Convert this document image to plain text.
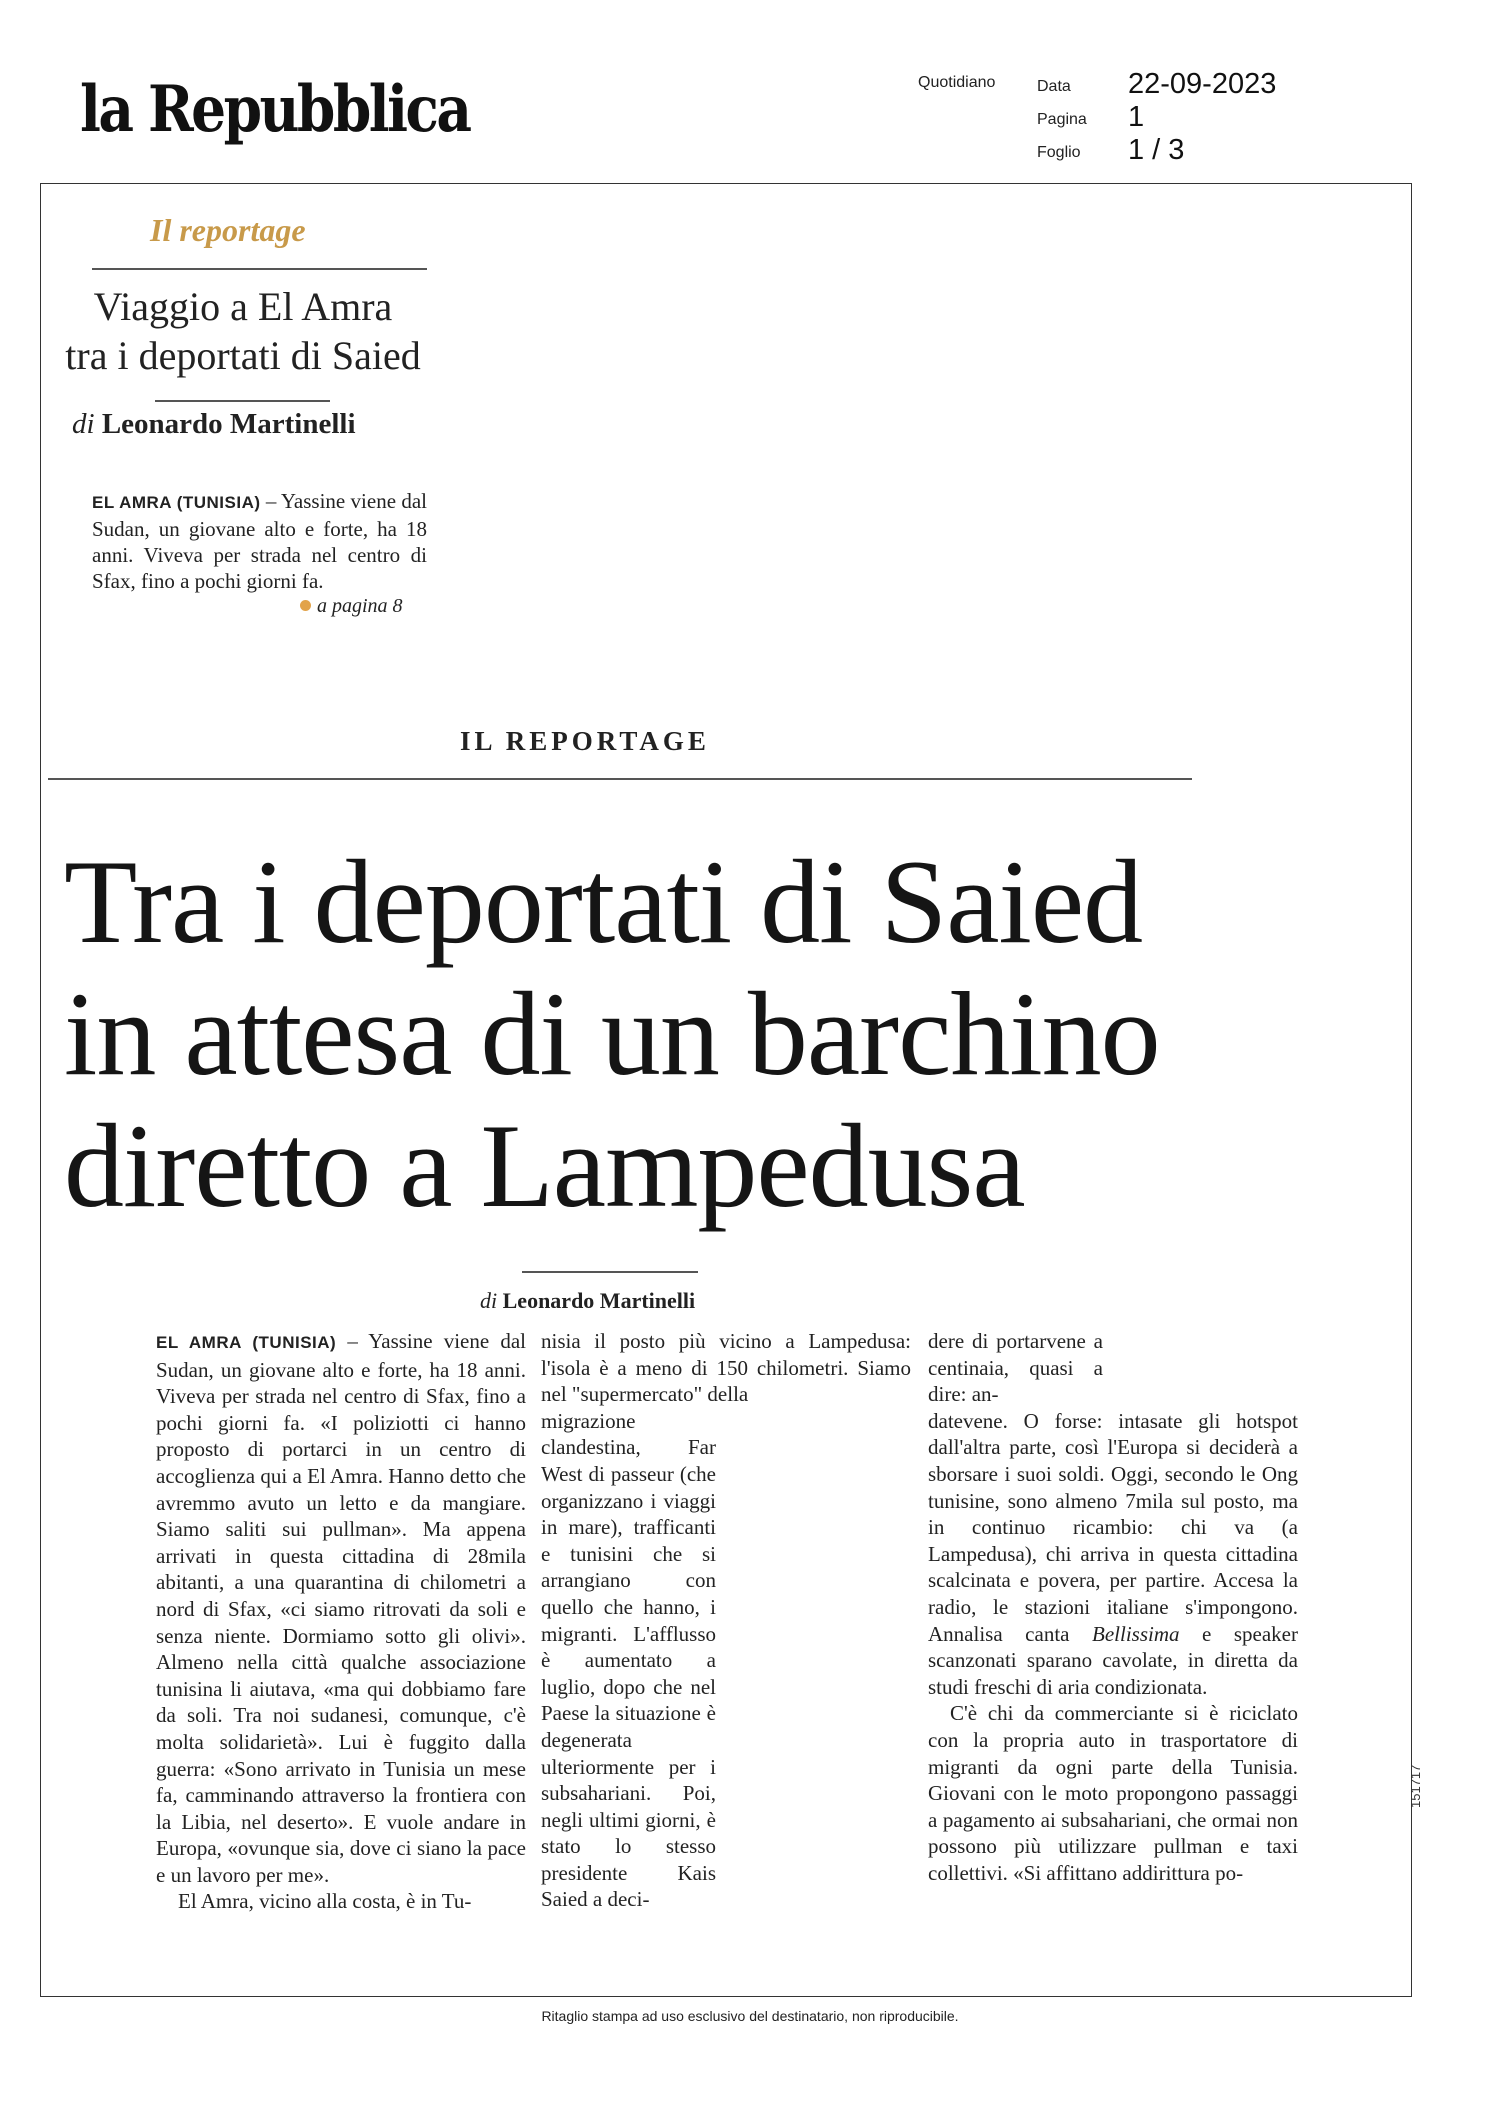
la Repubblica	Quotidiano	Data 22-09-2023
Pagina 1
Foglio 1 / 3
Il reportage
Viaggio a El Amra
tra i deportati di Saied
di Leonardo Martinelli
EL AMRA (TUNISIA) – Yassine viene dal Sudan, un giovane alto e forte, ha 18 anni. Viveva per strada nel centro di Sfax, fino a pochi giorni fa.
a pagina 8
IL REPORTAGE
Tra i deportati di Saied
in attesa di un barchino
diretto a Lampedusa
di Leonardo Martinelli

EL AMRA (TUNISIA) – Yassine viene dal Sudan, un giovane alto e forte, ha 18 anni. Viveva per strada nel centro di Sfax, fino a pochi giorni fa. «I poliziotti ci hanno proposto di portarci in un centro di accoglienza qui a El Amra. Hanno detto che avremmo avuto un letto e da mangiare. Siamo saliti sui pullman». Ma appena arrivati in questa cittadina di 28mila abitanti, a una quarantina di chilometri a nord di Sfax, «ci siamo ritrovati da soli e senza niente. Dormiamo sotto gli olivi». Almeno nella città qualche associazione tunisina li aiutava, «ma qui dobbiamo fare da soli. Tra noi sudanesi, comunque, c'è molta solidarietà». Lui è fuggito dalla guerra: «Sono arrivato in Tunisia un mese fa, camminando attraverso la frontiera con la Libia, nel deserto». E vuole andare in Europa, «ovunque sia, dove ci siano la pace e un lavoro per me».

El Amra, vicino alla costa, è in Tu-

nisia il posto più vicino a Lampedusa: l'isola è a meno di 150 chilometri. Siamo nel "supermercato" della

migrazione clandestina, Far West di passeur (che organizzano i viaggi in mare), trafficanti e tunisini che si arrangiano con quello che hanno, i migranti. L'afflusso è aumentato a luglio, dopo che nel Paese la situazione è degenerata ulteriormente per i subsahariani. Poi, negli ultimi giorni, è stato lo stesso presidente Kais Saied a deci-

dere di portarvene a centinaia, quasi a dire: an-

datevene. O forse: intasate gli hotspot dall'altra parte, così l'Europa si deciderà a sborsare i suoi soldi. Oggi, secondo le Ong tunisine, sono almeno 7mila sul posto, ma in continuo ricambio: chi va (a Lampedusa), chi arriva in questa cittadina scalcinata e povera, per partire. Accesa la radio, le stazioni italiane s'impongono. Annalisa canta Bellissima e speaker scanzonati sparano cavolate, in diretta da studi freschi di aria condizionata.

C'è chi da commerciante si è riciclato con la propria auto in trasportatore di migranti da ogni parte della Tunisia. Giovani con le moto propongono passaggi a pagamento ai subsahariani, che ormai non possono più utilizzare pullman e taxi collettivi. «Si affittano addirittura po-

151717
Ritaglio stampa ad uso esclusivo del destinatario, non riproducibile.
